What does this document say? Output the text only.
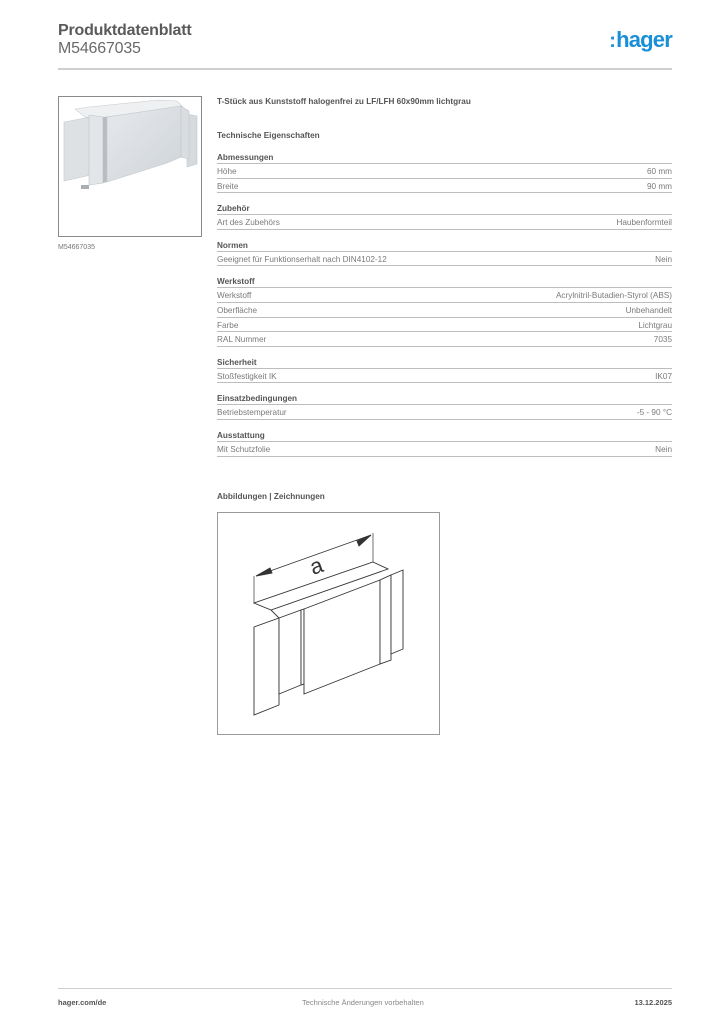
Produktdatenblatt
M54667035	:hager
M54667035
T-Stück aus Kunststoff halogenfrei zu LF/LFH 60x90mm lichtgrau
Technische Eigenschaften
Abmessungen
Höhe	60 mm
Breite	90 mm
Zubehör
Art des Zubehörs	Haubenformteil
Normen
Geeignet für Funktionserhalt nach DIN4102-12	Nein
Werkstoff
Werkstoff	Acrylnitril-Butadien-Styrol (ABS)
Oberfläche	Unbehandelt
Farbe	Lichtgrau
RAL Nummer	7035
Sicherheit
Stoßfestigkeit IK	IK07
Einsatzbedingungen
Betriebstemperatur	-5 - 90 °C
Ausstattung
Mit Schutzfolie	Nein
Abbildungen | Zeichnungen
a
hager.com/de	Technische Änderungen vorbehalten	13.12.2025
